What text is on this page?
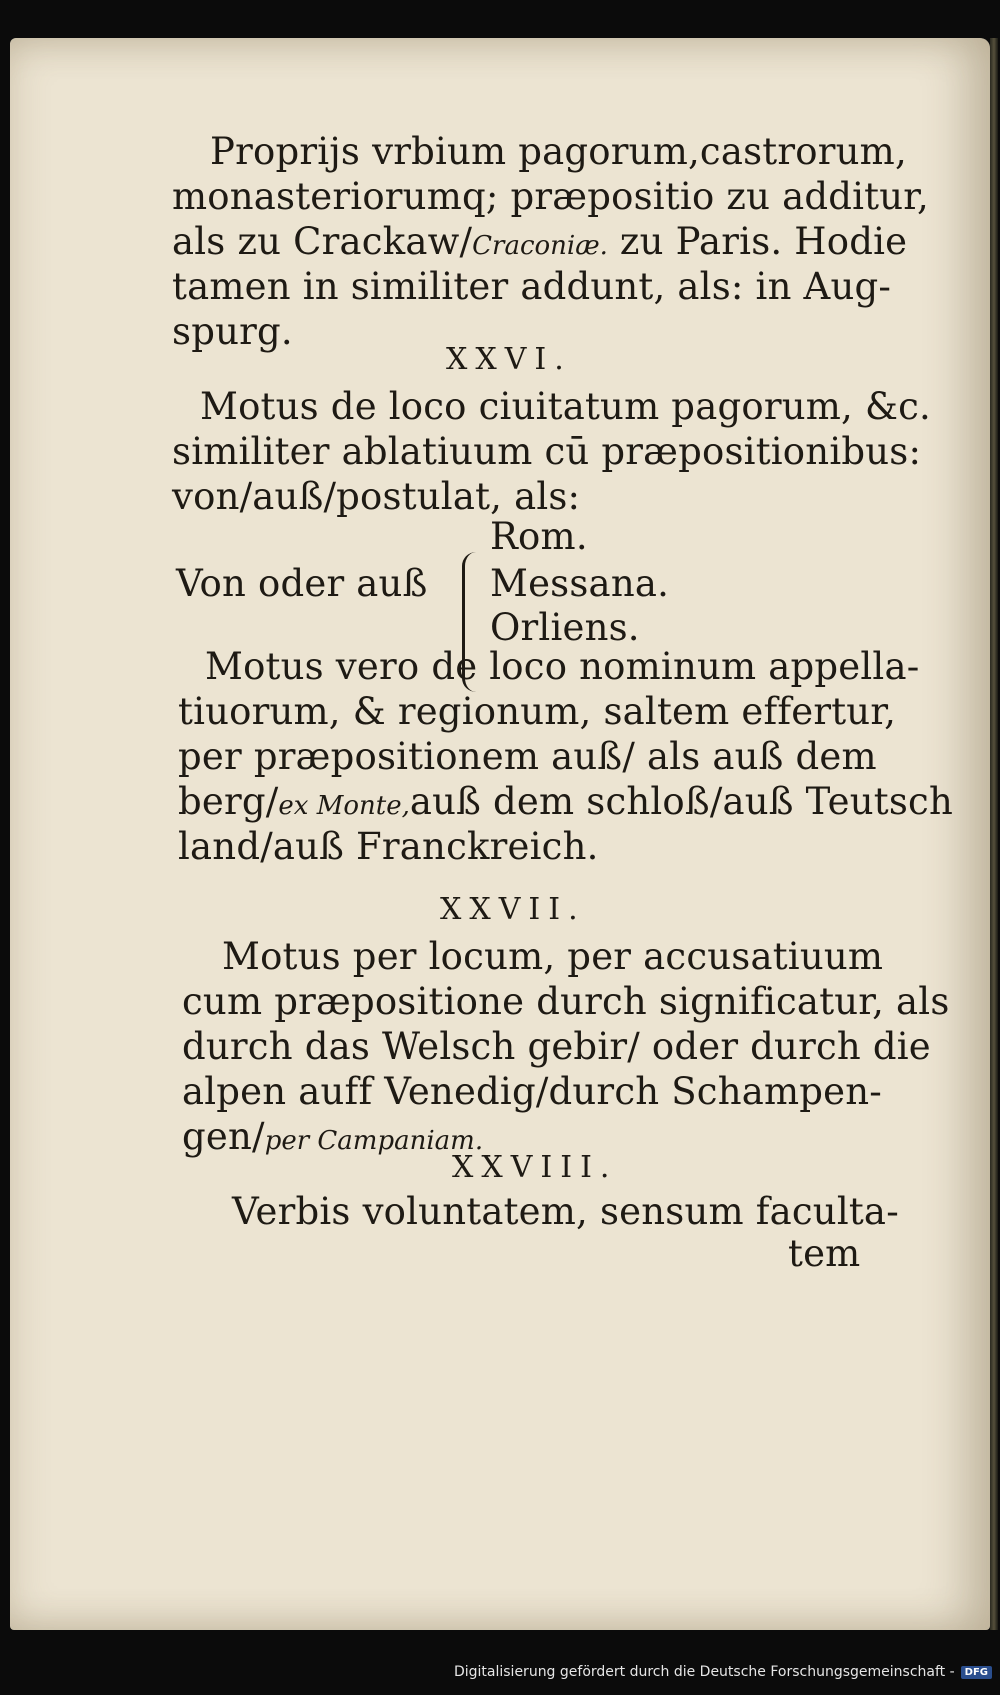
Proprijs vrbium pagorum,castrorum,
monasteriorumq; præpositio zu additur,
als zu Crackaw/Craconiæ. zu Paris. Hodie
tamen in similiter addunt, als: in Aug-
spurg.
XXVI.
Motus de loco ciuitatum pagorum, &c.
similiter ablatiuum cū præpositionibus:
von/auß/postulat, als:
Rom.
Von oder auß Messana.
Orliens.
Motus vero de loco nominum appella-
tiuorum, & regionum, saltem effertur,
per præpositionem auß/ als auß dem
berg/ex Monte,auß dem schloß/auß Teutsch
land/auß Franckreich.
XXVII.
Motus per locum, per accusatiuum
cum præpositione durch significatur, als
durch das Welsch gebir/ oder durch die
alpen auff Venedig/durch Schampen-
gen/per Campaniam.
XXVIII.
Verbis voluntatem, sensum faculta-
tem
Digitalisierung gefördert durch die Deutsche Forschungsgemeinschaft -	DFG
